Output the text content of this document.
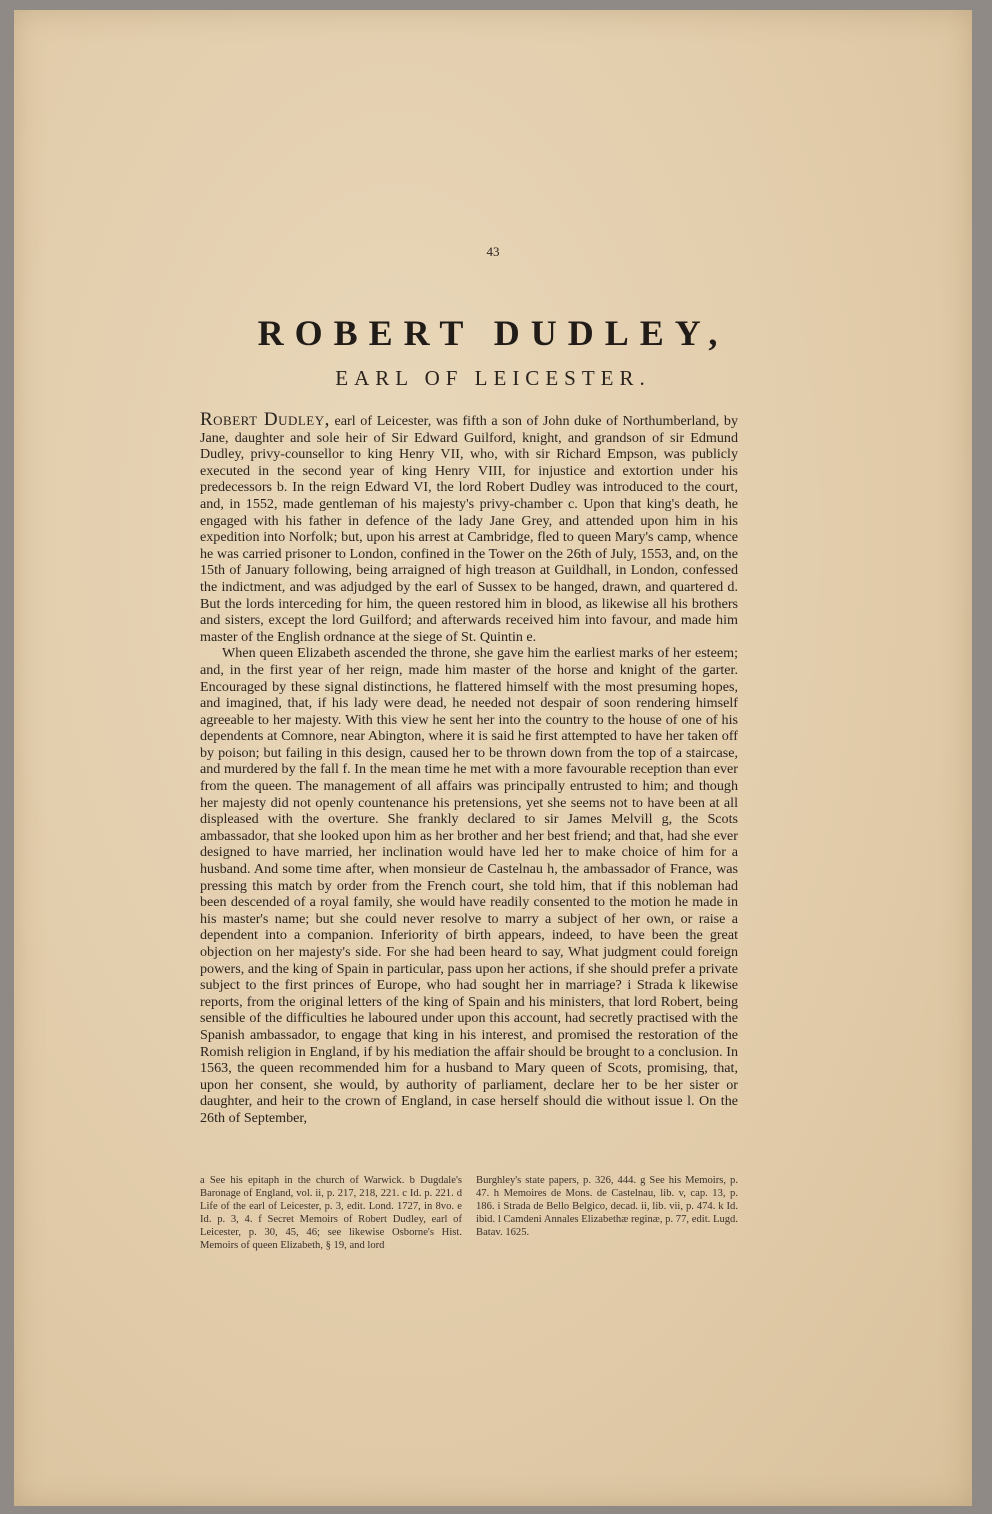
43
ROBERT DUDLEY,
EARL OF LEICESTER.

Robert Dudley, earl of Leicester, was fifth a son of John duke of Northumberland, by Jane, daughter and sole heir of Sir Edward Guilford, knight, and grandson of sir Edmund Dudley, privy-counsellor to king Henry VII, who, with sir Richard Empson, was publicly executed in the second year of king Henry VIII, for injustice and extortion under his predecessors b. In the reign Edward VI, the lord Robert Dudley was introduced to the court, and, in 1552, made gentleman of his majesty's privy-chamber c. Upon that king's death, he engaged with his father in defence of the lady Jane Grey, and attended upon him in his expedition into Norfolk; but, upon his arrest at Cambridge, fled to queen Mary's camp, whence he was carried prisoner to London, confined in the Tower on the 26th of July, 1553, and, on the 15th of January following, being arraigned of high treason at Guildhall, in London, confessed the indictment, and was adjudged by the earl of Sussex to be hanged, drawn, and quartered d. But the lords interceding for him, the queen restored him in blood, as likewise all his brothers and sisters, except the lord Guilford; and afterwards received him into favour, and made him master of the English ordnance at the siege of St. Quintin e.

When queen Elizabeth ascended the throne, she gave him the earliest marks of her esteem; and, in the first year of her reign, made him master of the horse and knight of the garter. Encouraged by these signal distinctions, he flattered himself with the most presuming hopes, and imagined, that, if his lady were dead, he needed not despair of soon rendering himself agreeable to her majesty. With this view he sent her into the country to the house of one of his dependents at Comnore, near Abington, where it is said he first attempted to have her taken off by poison; but failing in this design, caused her to be thrown down from the top of a staircase, and murdered by the fall f. In the mean time he met with a more favourable reception than ever from the queen. The management of all affairs was principally entrusted to him; and though her majesty did not openly countenance his pretensions, yet she seems not to have been at all displeased with the overture. She frankly declared to sir James Melvill g, the Scots ambassador, that she looked upon him as her brother and her best friend; and that, had she ever designed to have married, her inclination would have led her to make choice of him for a husband. And some time after, when monsieur de Castelnau h, the ambassador of France, was pressing this match by order from the French court, she told him, that if this nobleman had been descended of a royal family, she would have readily consented to the motion he made in his master's name; but she could never resolve to marry a subject of her own, or raise a dependent into a companion. Inferiority of birth appears, indeed, to have been the great objection on her majesty's side. For she had been heard to say, What judgment could foreign powers, and the king of Spain in particular, pass upon her actions, if she should prefer a private subject to the first princes of Europe, who had sought her in marriage? i Strada k likewise reports, from the original letters of the king of Spain and his ministers, that lord Robert, being sensible of the difficulties he laboured under upon this account, had secretly practised with the Spanish ambassador, to engage that king in his interest, and promised the restoration of the Romish religion in England, if by his mediation the affair should be brought to a conclusion. In 1563, the queen recommended him for a husband to Mary queen of Scots, promising, that, upon her consent, she would, by authority of parliament, declare her to be her sister or daughter, and heir to the crown of England, in case herself should die without issue l. On the 26th of September,

a See his epitaph in the church of Warwick. b Dugdale's Baronage of England, vol. ii, p. 217, 218, 221. c Id. p. 221. d Life of the earl of Leicester, p. 3, edit. Lond. 1727, in 8vo. e Id. p. 3, 4. f Secret Memoirs of Robert Dudley, earl of Leicester, p. 30, 45, 46; see likewise Osborne's Hist. Memoirs of queen Elizabeth, § 19, and lord
Burghley's state papers, p. 326, 444. g See his Memoirs, p. 47. h Memoires de Mons. de Castelnau, lib. v, cap. 13, p. 186. i Strada de Bello Belgico, decad. ii, lib. vii, p. 474. k Id. ibid. l Camdeni Annales Elizabethæ reginæ, p. 77, edit. Lugd. Batav. 1625.
